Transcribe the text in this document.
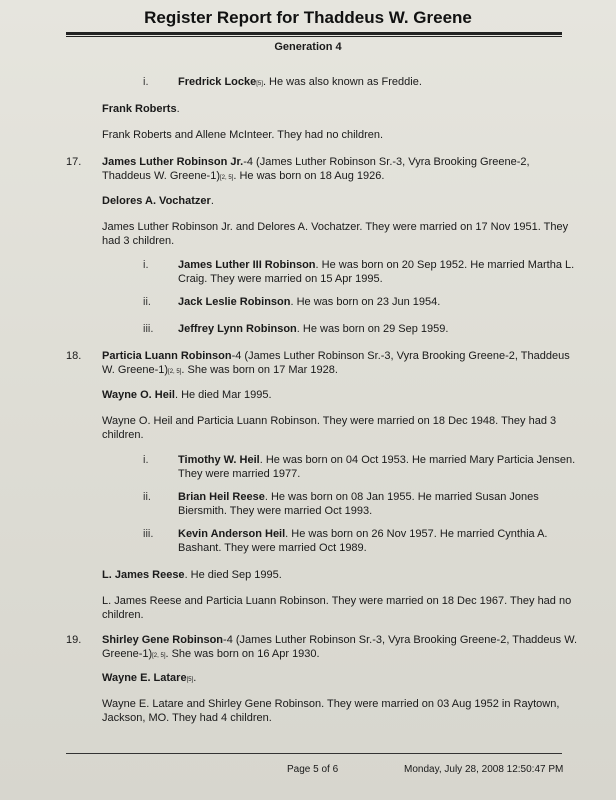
Register Report for Thaddeus W. Greene
Generation 4
i.	Fredrick Locke[5]. He was also known as Freddie.
Frank Roberts.
Frank Roberts and Allene McInteer. They had no children.
17. James Luther Robinson Jr.-4 (James Luther Robinson Sr.-3, Vyra Brooking Greene-2,
Thaddeus W. Greene-1)[2, 5]. He was born on 18 Aug 1926.
Delores A. Vochatzer.
James Luther Robinson Jr. and Delores A. Vochatzer. They were married on 17 Nov 1951. They
had 3 children.
i.	James Luther III Robinson. He was born on 20 Sep 1952. He married Martha L.
Craig. They were married on 15 Apr 1995.
ii. Jack Leslie Robinson. He was born on 23 Jun 1954.
iii. Jeffrey Lynn Robinson. He was born on 29 Sep 1959.
18. Particia Luann Robinson-4 (James Luther Robinson Sr.-3, Vyra Brooking Greene-2, Thaddeus
W. Greene-1)[2, 5]. She was born on 17 Mar 1928.
Wayne O. Heil. He died Mar 1995.
Wayne O. Heil and Particia Luann Robinson. They were married on 18 Dec 1948. They had 3
children.
i.	Timothy W. Heil. He was born on 04 Oct 1953. He married Mary Particia Jensen.
They were married 1977.
ii. Brian Heil Reese. He was born on 08 Jan 1955. He married Susan Jones
Biersmith. They were married Oct 1993.
iii. Kevin Anderson Heil. He was born on 26 Nov 1957. He married Cynthia A.
Bashant. They were married Oct 1989.
L. James Reese. He died Sep 1995.
L. James Reese and Particia Luann Robinson. They were married on 18 Dec 1967. They had no
children.
19. Shirley Gene Robinson-4 (James Luther Robinson Sr.-3, Vyra Brooking Greene-2, Thaddeus W.
Greene-1)[2, 5]. She was born on 16 Apr 1930.
Wayne E. Latare[5].
Wayne E. Latare and Shirley Gene Robinson. They were married on 03 Aug 1952 in Raytown,
Jackson, MO. They had 4 children.
Page 5 of 6	Monday, July 28, 2008 12:50:47 PM
